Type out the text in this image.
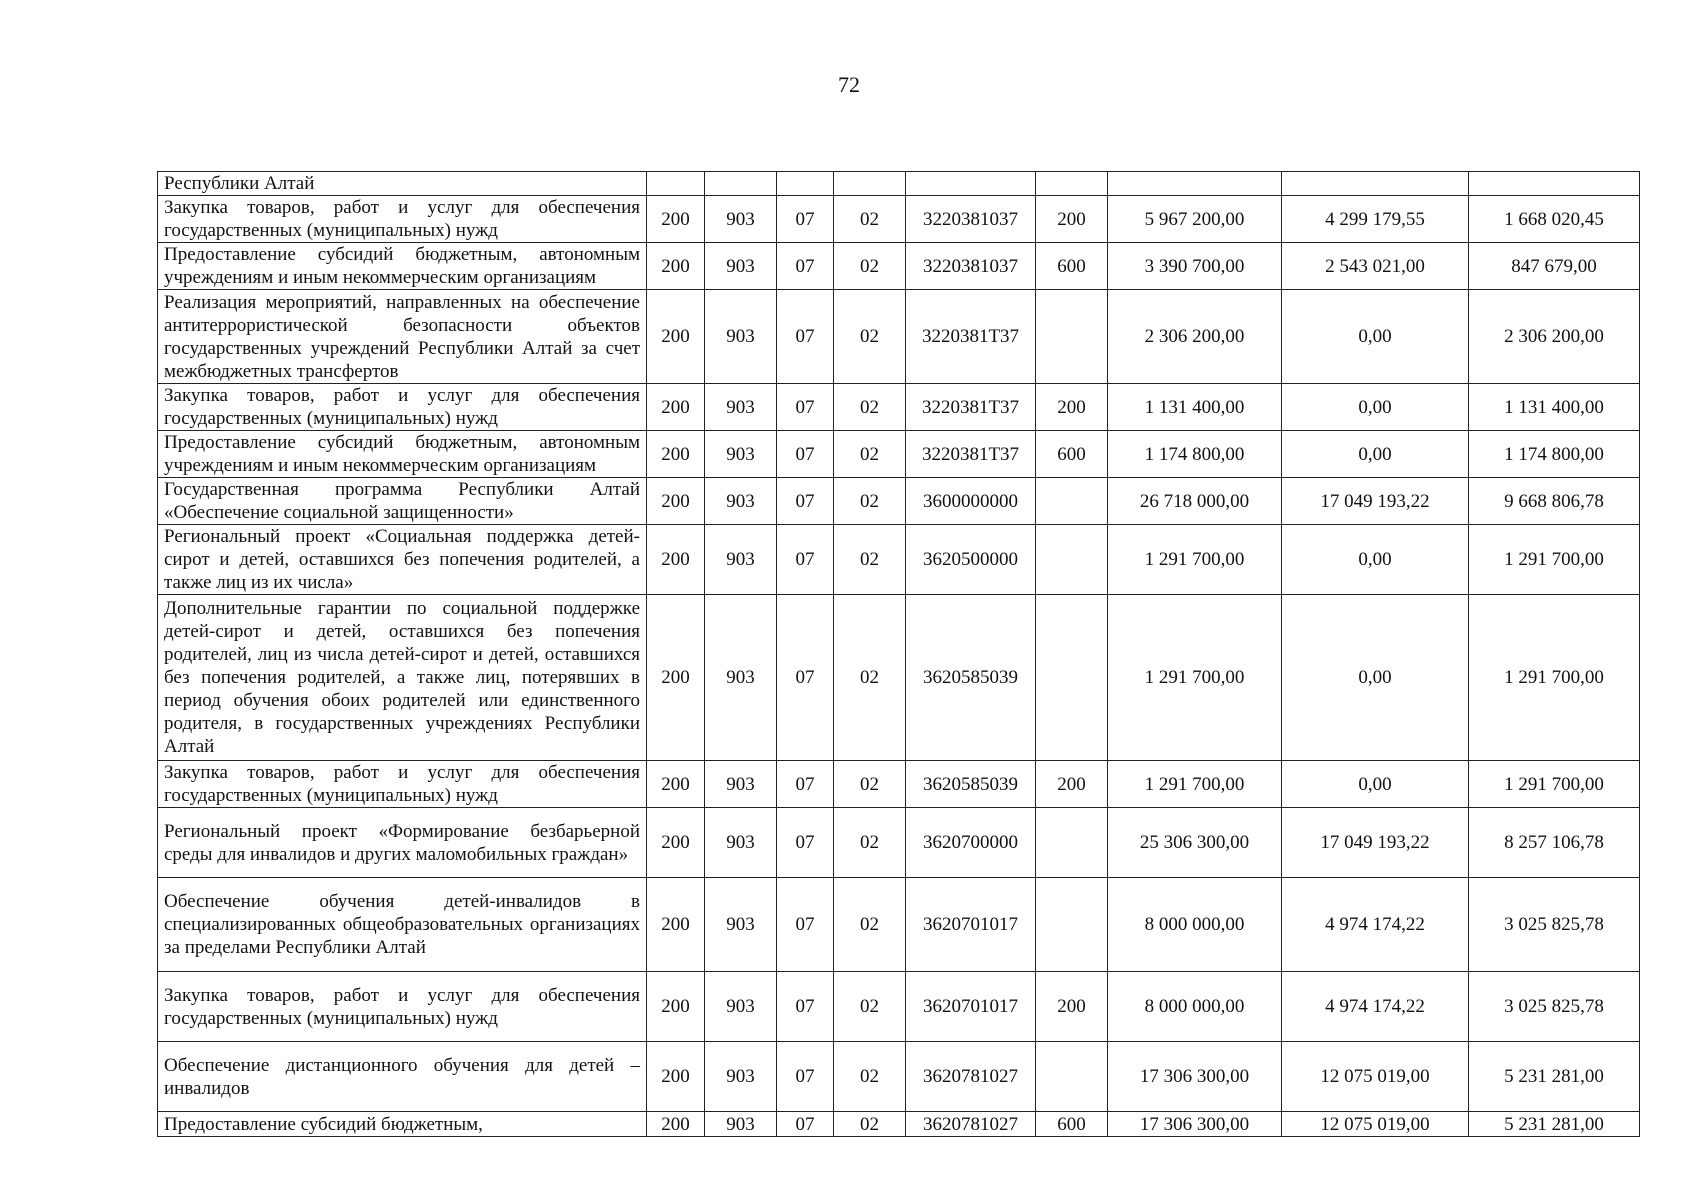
72
Республики Алтай									
Закупка товаров, работ и услуг для обеспечения государственных (муниципальных) нужд	200	903	07	02	3220381037	200	5 967 200,00	4 299 179,55	1 668 020,45
Предоставление субсидий бюджетным, автономным учреждениям и иным некоммерческим организациям	200	903	07	02	3220381037	600	3 390 700,00	2 543 021,00	847 679,00
Реализация мероприятий, направленных на обеспечение антитеррористической безопасности объектов государственных учреждений Республики Алтай за счет межбюджетных трансфертов	200	903	07	02	3220381Т37		2 306 200,00	0,00	2 306 200,00
Закупка товаров, работ и услуг для обеспечения государственных (муниципальных) нужд	200	903	07	02	3220381Т37	200	1 131 400,00	0,00	1 131 400,00
Предоставление субсидий бюджетным, автономным учреждениям и иным некоммерческим организациям	200	903	07	02	3220381Т37	600	1 174 800,00	0,00	1 174 800,00
Государственная программа Республики Алтай «Обеспечение социальной защищенности»	200	903	07	02	3600000000		26 718 000,00	17 049 193,22	9 668 806,78
Региональный проект «Социальная поддержка детей-сирот и детей, оставшихся без попечения родителей, а также лиц из их числа»	200	903	07	02	3620500000		1 291 700,00	0,00	1 291 700,00
Дополнительные гарантии по социальной поддержке детей-сирот и детей, оставшихся без попечения родителей, лиц из числа детей-сирот и детей, оставшихся без попечения родителей, а также лиц, потерявших в период обучения обоих родителей или единственного родителя, в государственных учреждениях Республики Алтай	200	903	07	02	3620585039		1 291 700,00	0,00	1 291 700,00
Закупка товаров, работ и услуг для обеспечения государственных (муниципальных) нужд	200	903	07	02	3620585039	200	1 291 700,00	0,00	1 291 700,00
Региональный проект «Формирование безбарьерной среды для инвалидов и других маломобильных граждан»	200	903	07	02	3620700000		25 306 300,00	17 049 193,22	8 257 106,78
Обеспечение обучения детей-инвалидов в специализированных общеобразовательных организациях за пределами Республики Алтай	200	903	07	02	3620701017		8 000 000,00	4 974 174,22	3 025 825,78
Закупка товаров, работ и услуг для обеспечения государственных (муниципальных) нужд	200	903	07	02	3620701017	200	8 000 000,00	4 974 174,22	3 025 825,78
Обеспечение дистанционного обучения для детей – инвалидов	200	903	07	02	3620781027		17 306 300,00	12 075 019,00	5 231 281,00
Предоставление субсидий бюджетным,	200	903	07	02	3620781027	600	17 306 300,00	12 075 019,00	5 231 281,00
